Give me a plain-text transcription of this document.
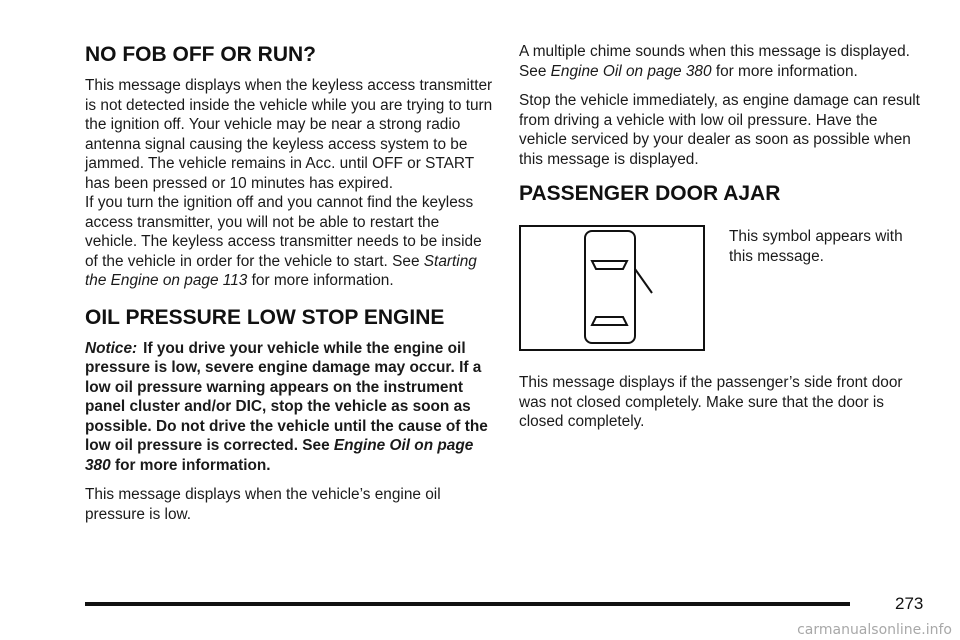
NO FOB OFF OR RUN?

This message displays when the keyless access transmitter is not detected inside the vehicle while you are trying to turn the ignition off. Your vehicle may be near a strong radio antenna signal causing the keyless access system to be jammed. The vehicle remains in Acc. until OFF or START has been pressed or 10 minutes has expired.

If you turn the ignition off and you cannot find the keyless access transmitter, you will not be able to restart the vehicle. The keyless access transmitter needs to be inside of the vehicle in order for the vehicle to start. See Starting the Engine on page 113 for more information.

OIL PRESSURE LOW STOP ENGINE

Notice: If you drive your vehicle while the engine oil pressure is low, severe engine damage may occur. If a low oil pressure warning appears on the instrument panel cluster and/or DIC, stop the vehicle as soon as possible. Do not drive the vehicle until the cause of the low oil pressure is corrected. See Engine Oil on page 380 for more information.

This message displays when the vehicle’s engine oil pressure is low.

A multiple chime sounds when this message is displayed. See Engine Oil on page 380 for more information.

Stop the vehicle immediately, as engine damage can result from driving a vehicle with low oil pressure. Have the vehicle serviced by your dealer as soon as possible when this message is displayed.

PASSENGER DOOR AJAR

This symbol appears with this message.

This message displays if the passenger’s side front door was not closed completely. Make sure that the door is closed completely.

273
carmanualsonline.info
